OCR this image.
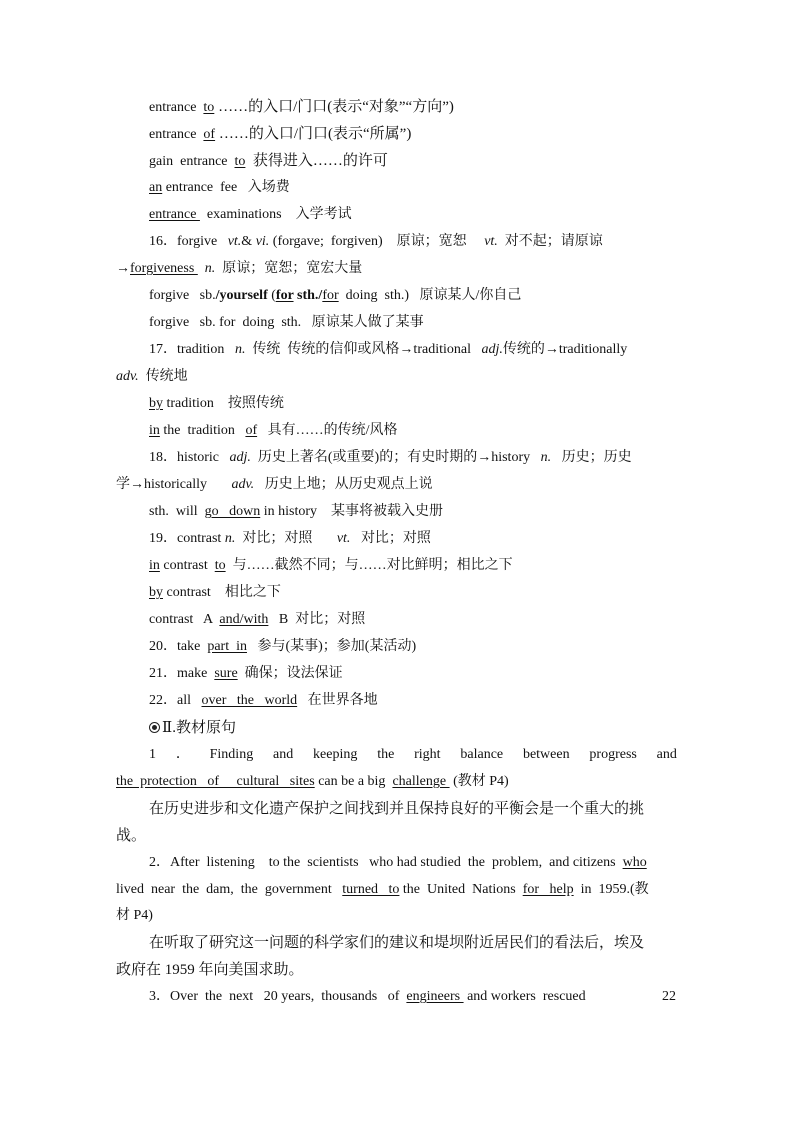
entrance  to ……的入口/门口(表示“对象”“方向”)
entrance  of ……的入口/门口(表示“所属”)
gain  entrance  to  获得进入……的许可
an entrance  fee   入场费
entrance   examinations    入学考试
16．forgive   vt.& vi. (forgave;  forgiven)    原谅；宽恕     vt.  对不起；请原谅
→forgiveness   n.  原谅；宽恕；宽宏大量
forgive   sb./yourself (for sth./for  doing  sth.)   原谅某人/你自己
forgive   sb. for  doing  sth.   原谅某人做了某事
17．tradition   n.  传统  传统的信仰或风格→traditional   adj.传统的→traditionally
adv.  传统地
by tradition    按照传统
in the  tradition   of   具有……的传统/风格
18．historic   adj.  历史上著名(或重要)的；有史时期的→history   n.   历史；历史
学→historically       adv.   历史上地；从历史观点上说
sth.  will  go   down in history    某事将被载入史册
19．contrast n.  对比；对照       vt.   对比；对照
in contrast  to  与……截然不同；与……对比鲜明；相比之下
by contrast    相比之下
contrast   A  and/with   B  对比；对照
20．take  part  in   参与(某事)；参加(某活动)
21．make  sure  确保；设法保证
22．all   over   the   world   在世界各地
Ⅱ.教材原句
1 ． Finding and keeping the right balance between progress and
the  protection   of     cultural   sites can be a big  challenge  (教材 P4)
在历史进步和文化遗产保护之间找到并且保持良好的平衡会是一个重大的挑
战。
2．After  listening    to the  scientists   who had studied  the  problem,  and citizens  who
lived  near  the  dam,  the  government   turned   to the  United  Nations  for   help  in  1959.(教
材 P4)
在听取了研究这一问题的科学家们的建议和堤坝附近居民们的看法后，埃及
政府在 1959 年向美国求助。
3．Over  the  next   20 years,  thousands   of  engineers  and workers  rescued	22
